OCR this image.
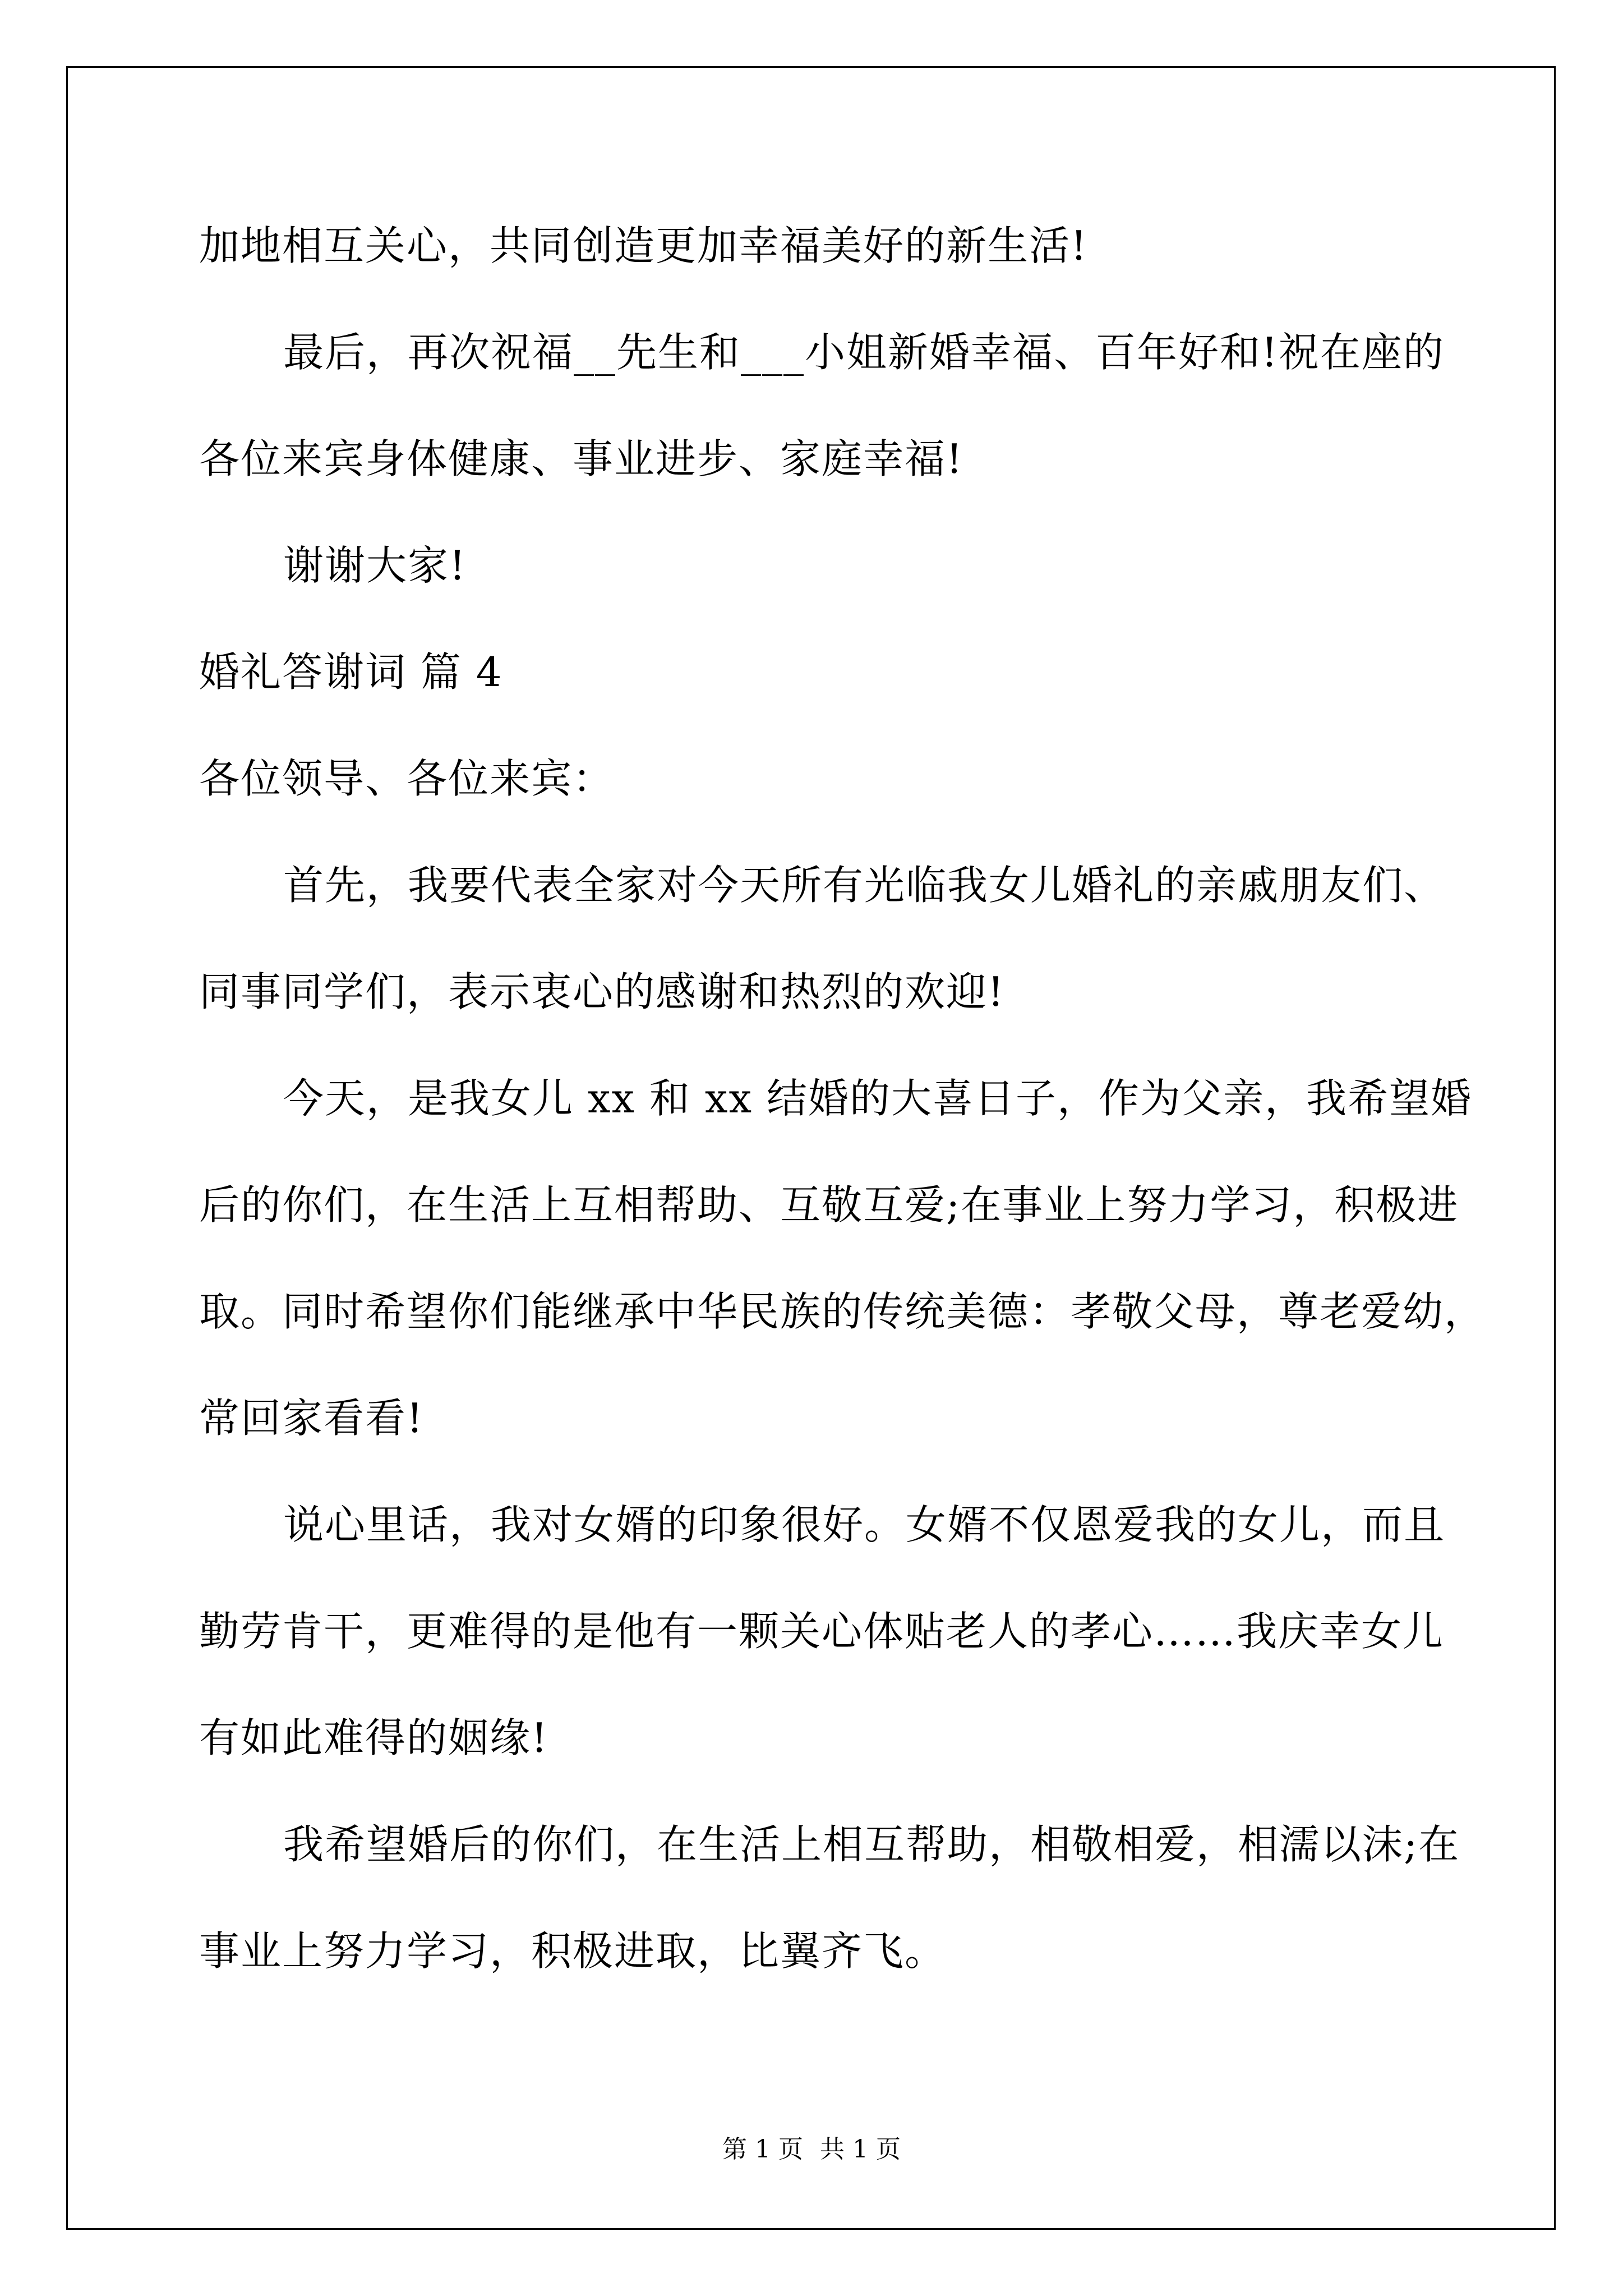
加地相互关心，共同创造更加幸福美好的新生活!
最后，再次祝福__先生和___小姐新婚幸福、百年好和!祝在座的
各位来宾身体健康、事业进步、家庭幸福!
谢谢大家!
婚礼答谢词 篇 4
各位领导、各位来宾：
首先，我要代表全家对今天所有光临我女儿婚礼的亲戚朋友们、
同事同学们，表示衷心的感谢和热烈的欢迎!
今天，是我女儿 xx 和 xx 结婚的大喜日子，作为父亲，我希望婚
后的你们，在生活上互相帮助、互敬互爱;在事业上努力学习，积极进
取。同时希望你们能继承中华民族的传统美德：孝敬父母，尊老爱幼，
常回家看看!
说心里话，我对女婿的印象很好。女婿不仅恩爱我的女儿，而且
勤劳肯干，更难得的是他有一颗关心体贴老人的孝心……我庆幸女儿
有如此难得的姻缘!
我希望婚后的你们，在生活上相互帮助，相敬相爱，相濡以沫;在
事业上努力学习，积极进取，比翼齐飞。
第 1 页 共 1 页
